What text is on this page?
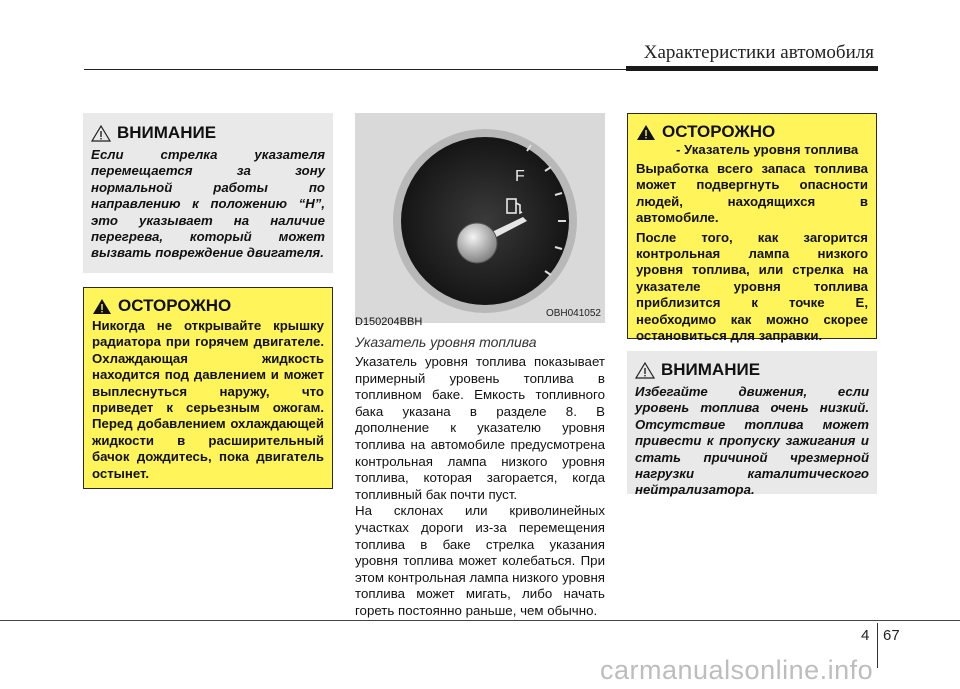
Характеристики автомобиля
ВНИМАНИЕ
Если стрелка указателя перемещается за зону нормальной работы по направлению к положению “H”, это указывает на наличие перегрева, который может вызвать повреждение двигателя.
ОСТОРОЖНО
Никогда не открывайте крышку радиатора при горячем двигателе. Охлаждающая жидкость находится под давлением и может выплеснуться наружу, что приведет к серьезным ожогам. Перед добавлением охлаждающей жидкости в расширительный бачок дождитесь, пока двигатель остынет.
F
OBH041052
D150204BBH
Указатель уровня топлива
Указатель уровня топлива показывает примерный уровень топлива в топливном баке. Емкость топливного бака указана в разделе 8. В дополнение к указателю уровня топлива на автомобиле предусмотрена контрольная лампа низкого уровня топлива, которая загорается, когда топливный бак почти пуст.
На склонах или криволинейных участках дороги из-за перемещения топлива в баке стрелка указания уровня топлива может колебаться. При этом контрольная лампа низкого уровня топлива может мигать, либо начать гореть постоянно раньше, чем обычно.
ОСТОРОЖНО
- Указатель уровня топлива
Выработка всего запаса топлива может подвергнуть опасности людей, находящихся в автомобиле.
После того, как загорится контрольная лампа низкого уровня топлива, или стрелка на указателе уровня топлива приблизится к точке E, необходимо как можно скорее остановиться для заправки.
ВНИМАНИЕ
Избегайте движения, если уровень топлива очень низкий. Отсутствие топлива может привести к пропуску зажигания и стать причиной чрезмерной нагрузки каталитического нейтрализатора.
4 67
carmanualsonline.info
